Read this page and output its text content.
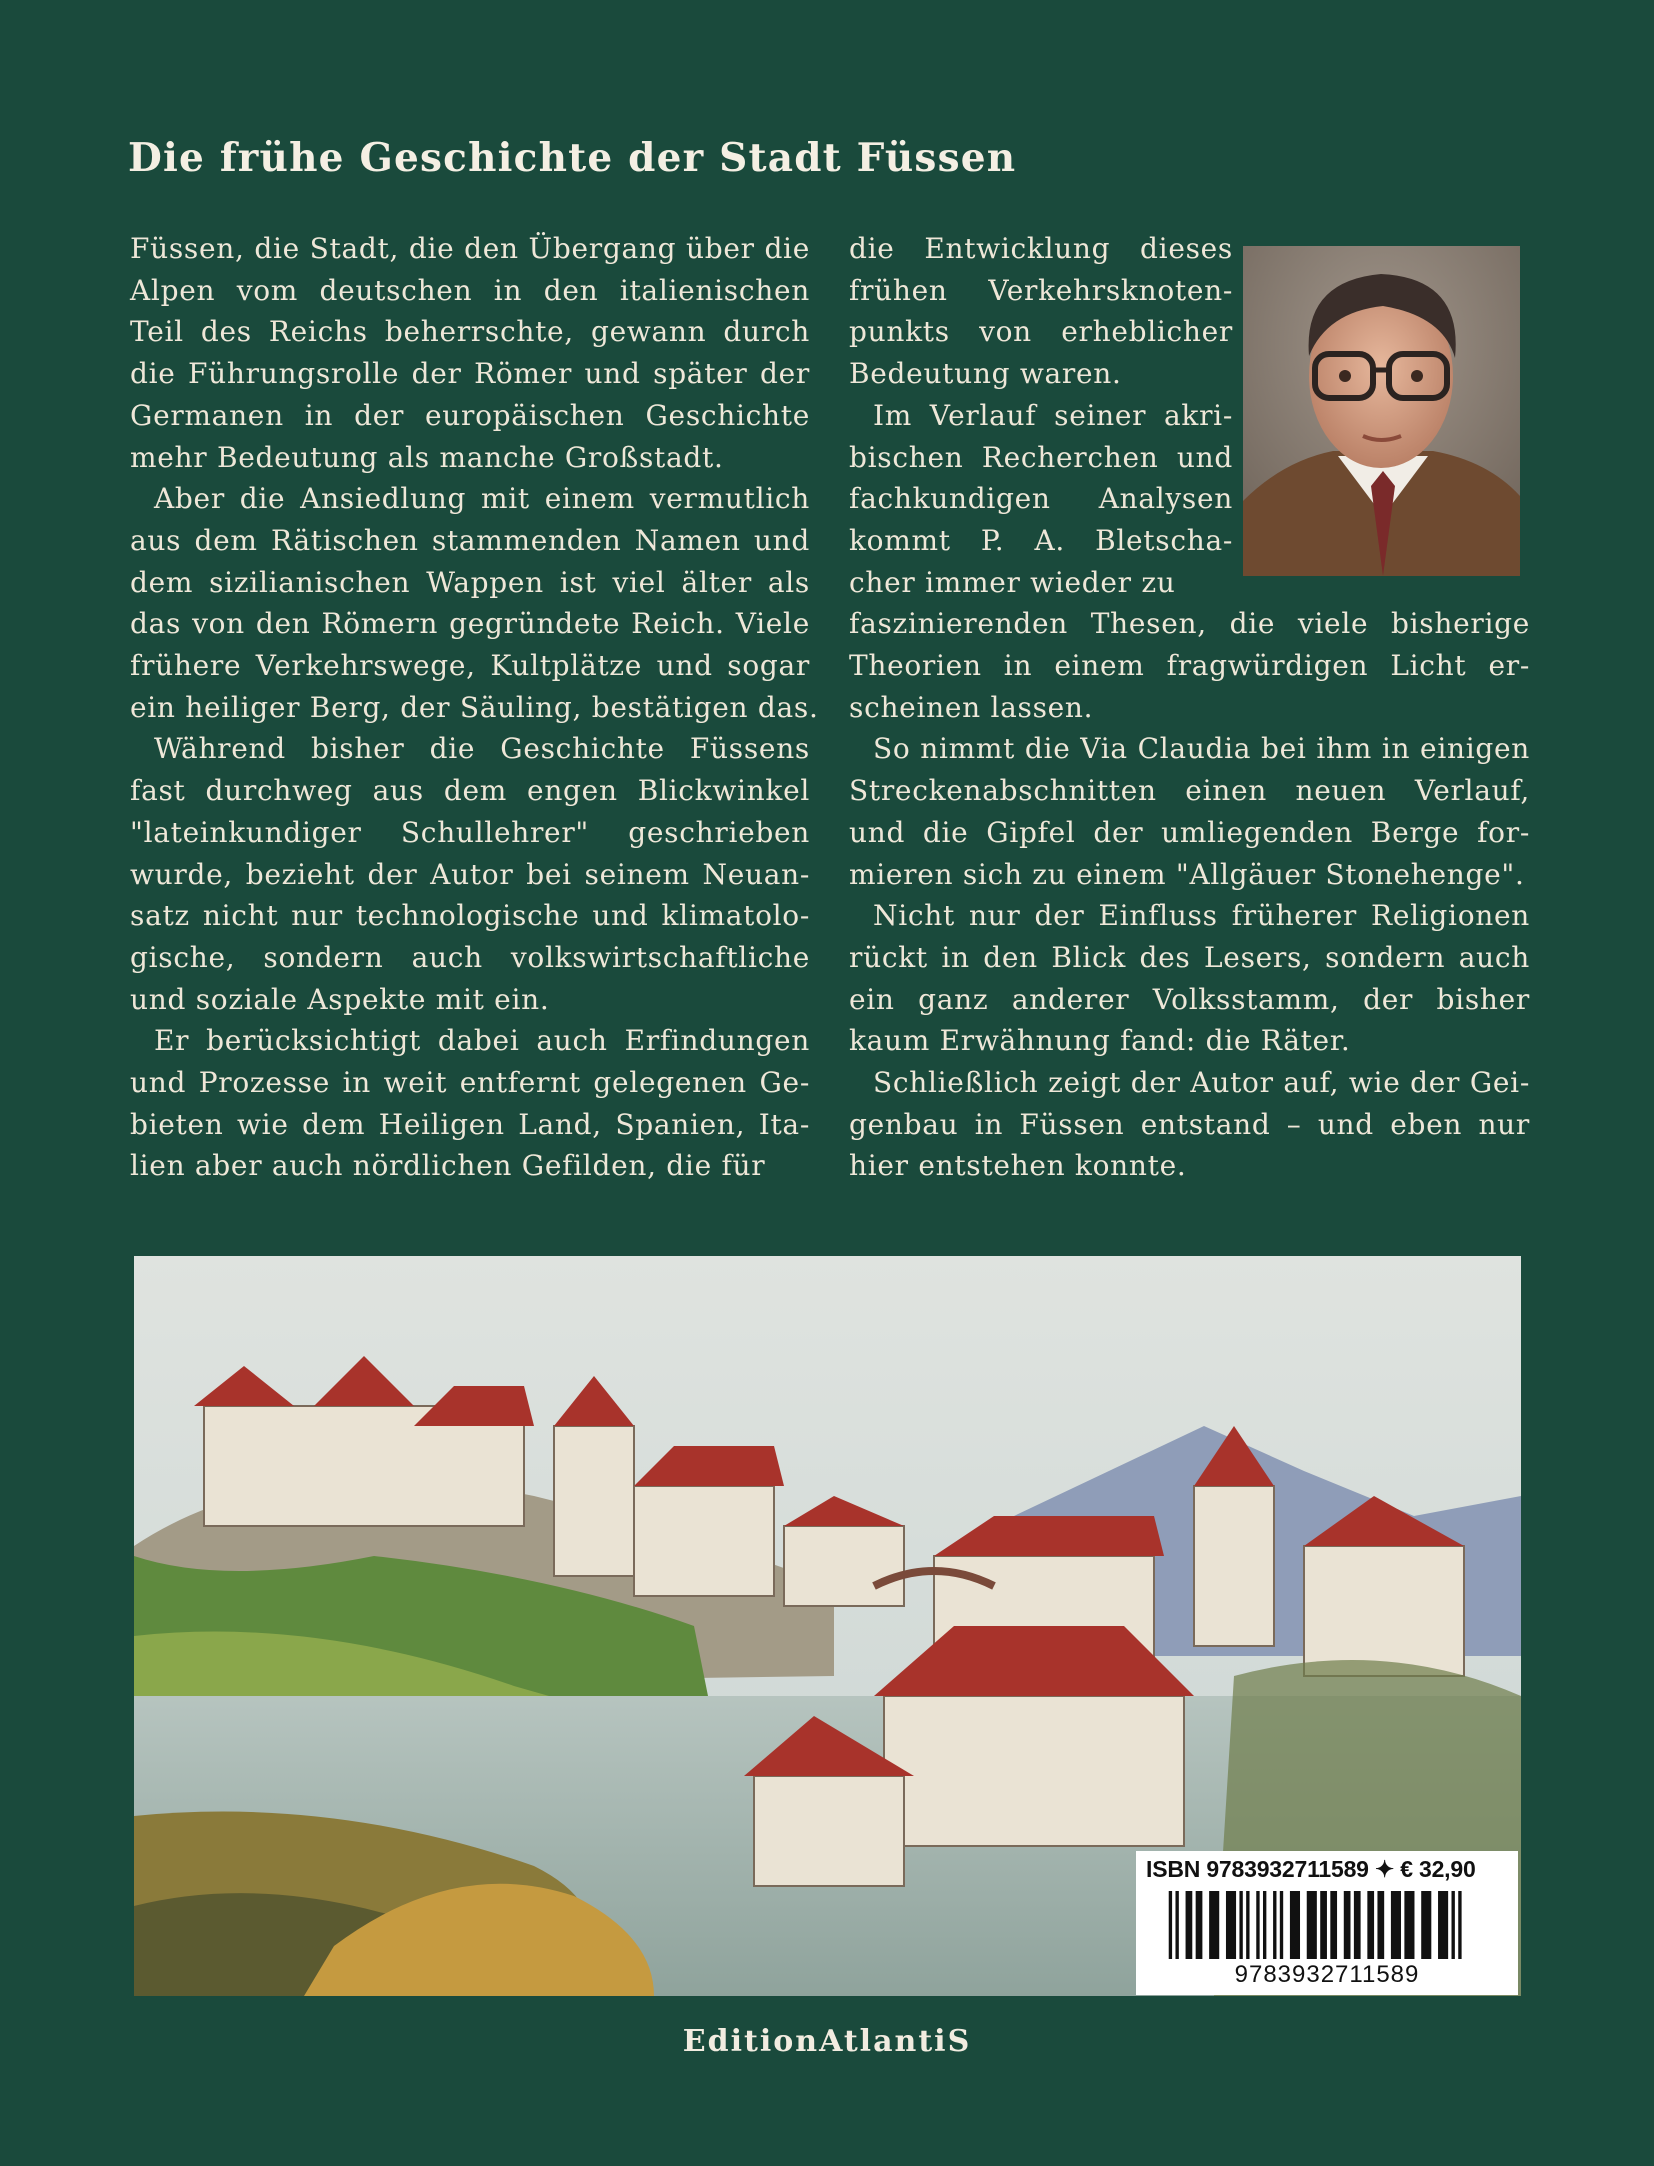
Die frühe Geschichte der Stadt Füssen
Füssen, die Stadt, die den Übergang über die
Alpen vom deutschen in den italienischen
Teil des Reichs beherrschte, gewann durch
die Führungsrolle der Römer und später der
Germanen in der europäischen Geschichte
mehr Bedeutung als manche Großstadt.
Aber die Ansiedlung mit einem vermutlich
aus dem Rätischen stammenden Namen und
dem sizilianischen Wappen ist viel älter als
das von den Römern gegründete Reich. Viele
frühere Verkehrswege, Kultplätze und sogar
ein heiliger Berg, der Säuling, bestätigen das.
Während bisher die Geschichte Füssens
fast durchweg aus dem engen Blickwinkel
"lateinkundiger Schullehrer" geschrieben
wurde, bezieht der Autor bei seinem Neuan-
satz nicht nur technologische und klimatolo-
gische, sondern auch volkswirtschaftliche
und soziale Aspekte mit ein.
Er berücksichtigt dabei auch Erfindungen
und Prozesse in weit entfernt gelegenen Ge-
bieten wie dem Heiligen Land, Spanien, Ita-
lien aber auch nördlichen Gefilden, die für
die Entwicklung dieses
frühen Verkehrsknoten-
punkts von erheblicher
Bedeutung waren.
Im Verlauf seiner akri-
bischen Recherchen und
fachkundigen Analysen
kommt P. A. Bletscha-
cher immer wieder zu
faszinierenden Thesen, die viele bisherige
Theorien in einem fragwürdigen Licht er-
scheinen lassen.
So nimmt die Via Claudia bei ihm in einigen
Streckenabschnitten einen neuen Verlauf,
und die Gipfel der umliegenden Berge for-
mieren sich zu einem "Allgäuer Stonehenge".
Nicht nur der Einfluss früherer Religionen
rückt in den Blick des Lesers, sondern auch
ein ganz anderer Volksstamm, der bisher
kaum Erwähnung fand: die Räter.
Schließlich zeigt der Autor auf, wie der Gei-
genbau in Füssen entstand – und eben nur
hier entstehen konnte.
ISBN 9783932711589 ✦ € 32,90
9783932711589
EditionAtlantiS
